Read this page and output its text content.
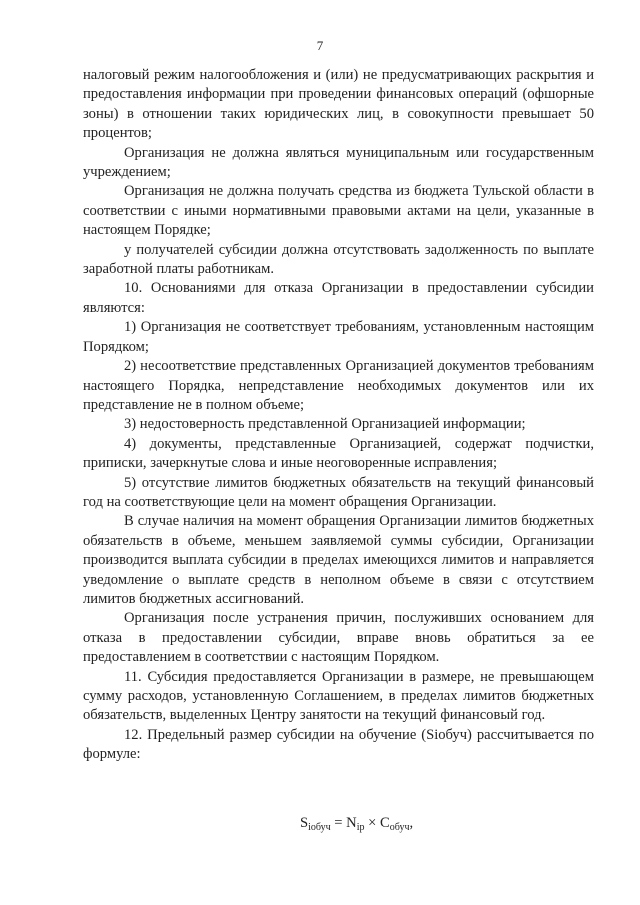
7

налоговый режим налогообложения и (или) не предусматривающих раскрытия и предоставления информации при проведении финансовых операций (офшорные зоны) в отношении таких юридических лиц, в совокупности превышает 50 процентов;

Организация не должна являться муниципальным или государственным учреждением;

Организация не должна получать средства из бюджета Тульской области в соответствии с иными нормативными правовыми актами на цели, указанные в настоящем Порядке;

у получателей субсидии должна отсутствовать задолженность по выплате заработной платы работникам.

10. Основаниями для отказа Организации в предоставлении субсидии являются:

1) Организация не соответствует требованиям, установленным настоящим Порядком;

2) несоответствие представленных Организацией документов требованиям настоящего Порядка, непредставление необходимых документов или их представление не в полном объеме;

3) недостоверность представленной Организацией информации;

4) документы, представленные Организацией, содержат подчистки, приписки, зачеркнутые слова и иные неоговоренные исправления;

5) отсутствие лимитов бюджетных обязательств на текущий финансовый год на соответствующие цели на момент обращения Организации.

В случае наличия на момент обращения Организации лимитов бюджетных обязательств в объеме, меньшем заявляемой суммы субсидии, Организации производится выплата субсидии в пределах имеющихся лимитов и направляется уведомление о выплате средств в неполном объеме в связи с отсутствием лимитов бюджетных ассигнований.

Организация после устранения причин, послуживших основанием для отказа в предоставлении субсидии, вправе вновь обратиться за ее предоставлением в соответствии с настоящим Порядком.

11. Субсидия предоставляется Организации в размере, не превышающем сумму расходов, установленную Соглашением, в пределах лимитов бюджетных обязательств, выделенных Центру занятости на текущий финансовый год.

12. Предельный размер субсидии на обучение (Siобуч) рассчитывается по формуле:

$S_{iобуч} = N_{ip} \times C_{обуч}$,
